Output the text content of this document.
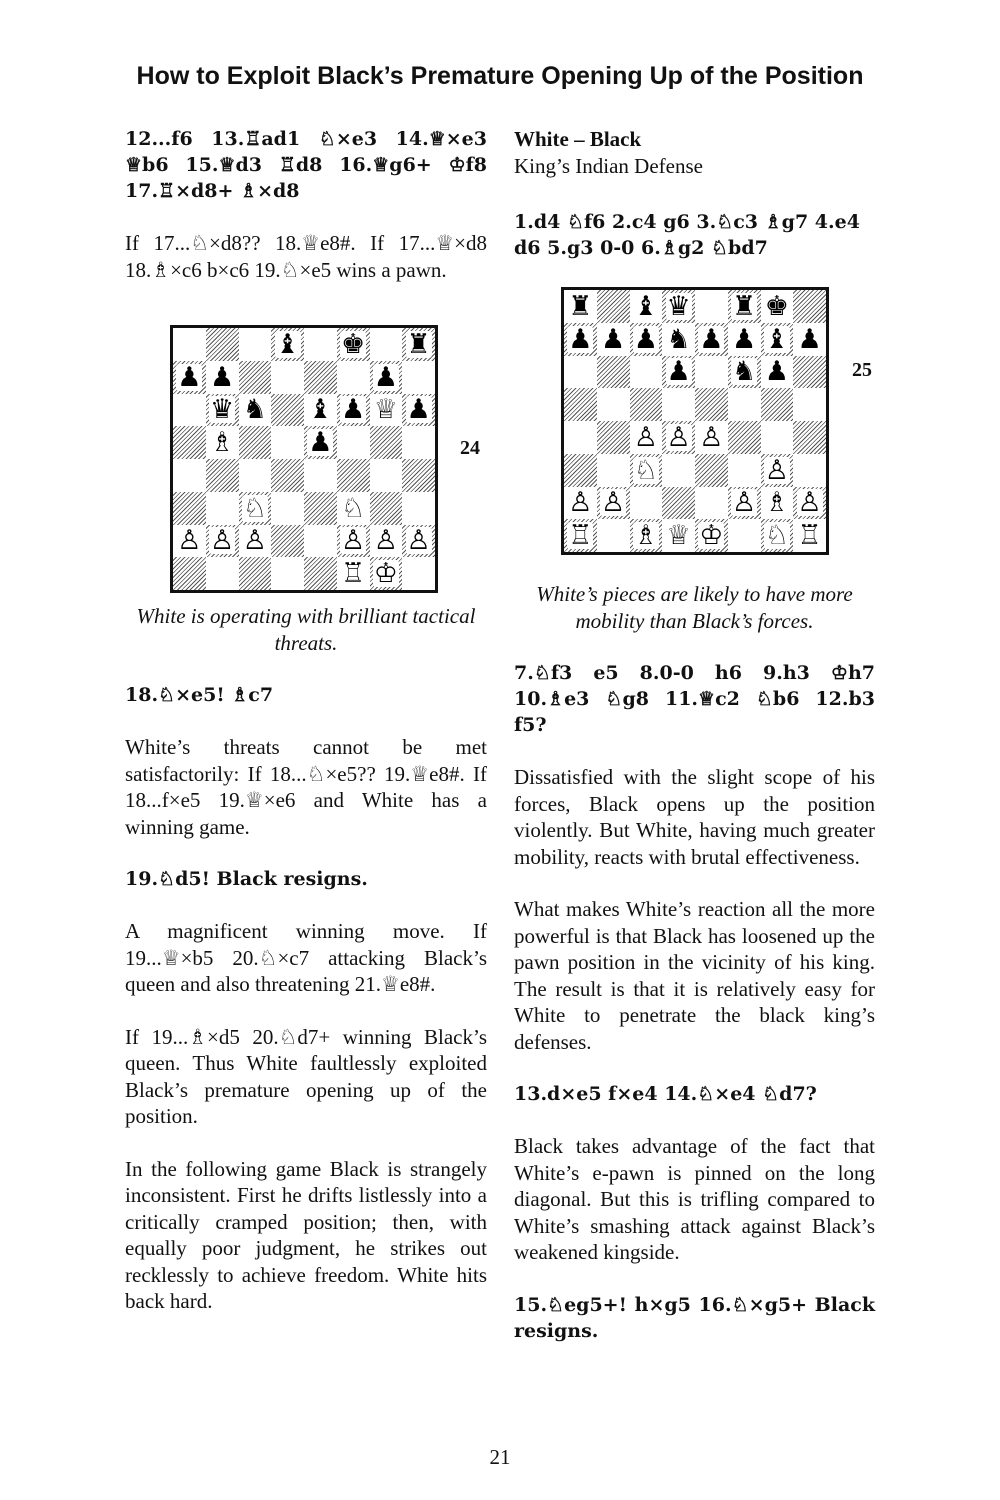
How to Exploit Black’s Premature Opening Up of the Position

12...f6 13.♖ad1 ♘×e3 14.♕×e3 ♕b6 15.♕d3 ♖d8 16.♕g6+ ♔f8 17.♖×d8+ ♗×d8

If 17...♘×d8?? 18.♕e8#. If 17...♕×d8 18.♗×c6 b×c6 19.♘×e5 wins a pawn.

♝ ♚ ♜
♟ ♟	♟
♛ ♞ ♝ ♟ ♕ ♟
♗	♟
♘	♘
♙ ♙ ♙	♙ ♙ ♙
♖ ♔
24

White is operating with brilliant tactical threats.

18.♘×e5! ♗c7

White’s threats cannot be met satisfactorily: If 18...♘×e5?? 19.♕e8#. If 18...f×e5 19.♕×e6 and White has a winning game.

19.♘d5! Black resigns.

A magnificent winning move. If 19...♕×b5 20.♘×c7 attacking Black’s queen and also threatening 21.♕e8#.

If 19...♗×d5 20.♘d7+ winning Black’s queen. Thus White faultlessly exploited Black’s premature opening up of the position.

In the following game Black is strangely inconsistent. First he drifts listlessly into a critically cramped position; then, with equally poor judgment, he strikes out recklessly to achieve freedom. White hits back hard.

White – Black

King’s Indian Defense

1.d4 ♘f6 2.c4 g6 3.♘c3 ♗g7 4.e4 d6 5.g3 0-0 6.♗g2 ♘bd7

♜ ♝ ♛ ♜ ♚
♟ ♟ ♟ ♞ ♟ ♟ ♝ ♟
♟ ♞ ♟
♙ ♙ ♙
♘	♙
♙ ♙	♙ ♗ ♙
♖ ♗ ♕ ♔ ♘ ♖
25

White’s pieces are likely to have more mobility than Black’s forces.

7.♘f3 e5 8.0-0 h6 9.h3 ♔h7 10.♗e3 ♘g8 11.♕c2 ♘b6 12.b3 f5?

Dissatisfied with the slight scope of his forces, Black opens up the position violently. But White, having much greater mobility, reacts with brutal effectiveness.

What makes White’s reaction all the more powerful is that Black has loosened up the pawn position in the vicinity of his king. The result is that it is relatively easy for White to penetrate the black king’s defenses.

13.d×e5 f×e4 14.♘×e4 ♘d7?

Black takes advantage of the fact that White’s e-pawn is pinned on the long diagonal. But this is trifling compared to White’s smashing attack against Black’s weakened kingside.

15.♘eg5+! h×g5 16.♘×g5+ Black resigns.

21
